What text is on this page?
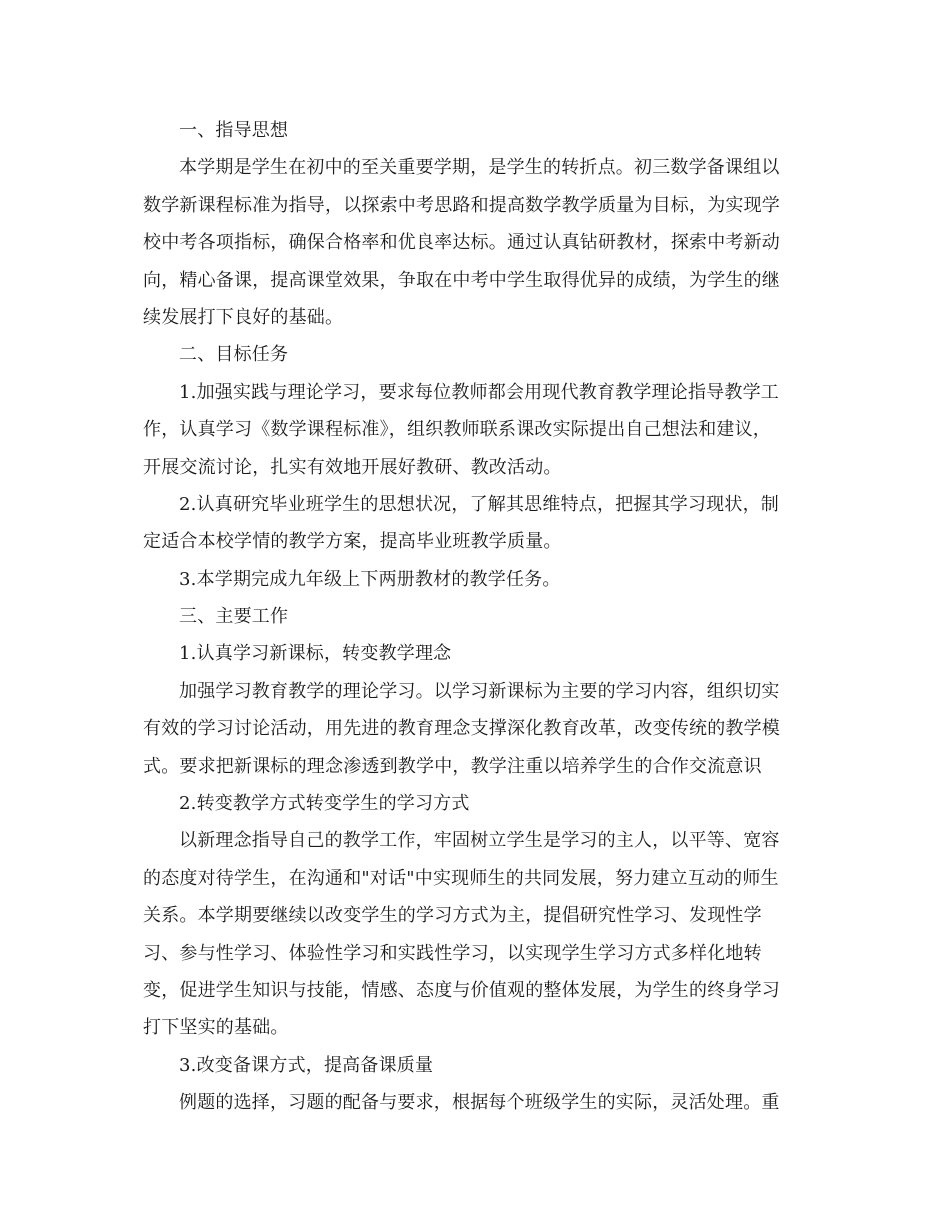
一、指导思想
本学期是学生在初中的至关重要学期，是学生的转折点。初三数学备课组以
数学新课程标准为指导，以探索中考思路和提高数学教学质量为目标，为实现学
校中考各项指标，确保合格率和优良率达标。通过认真钻研教材，探索中考新动
向，精心备课，提高课堂效果，争取在中考中学生取得优异的成绩，为学生的继
续发展打下良好的基础。
二、目标任务
1.加强实践与理论学习，要求每位教师都会用现代教育教学理论指导教学工
作，认真学习《数学课程标准》，组织教师联系课改实际提出自己想法和建议，
开展交流讨论，扎实有效地开展好教研、教改活动。
2.认真研究毕业班学生的思想状况，了解其思维特点，把握其学习现状，制
定适合本校学情的教学方案，提高毕业班教学质量。
3.本学期完成九年级上下两册教材的教学任务。
三、主要工作
1.认真学习新课标，转变教学理念
加强学习教育教学的理论学习。以学习新课标为主要的学习内容，组织切实
有效的学习讨论活动，用先进的教育理念支撑深化教育改革，改变传统的教学模
式。要求把新课标的理念渗透到教学中，教学注重以培养学生的合作交流意识
2.转变教学方式转变学生的学习方式
以新理念指导自己的教学工作，牢固树立学生是学习的主人，以平等、宽容
的态度对待学生，在沟通和"对话"中实现师生的共同发展，努力建立互动的师生
关系。本学期要继续以改变学生的学习方式为主，提倡研究性学习、发现性学
习、参与性学习、体验性学习和实践性学习，以实现学生学习方式多样化地转
变，促进学生知识与技能，情感、态度与价值观的整体发展，为学生的终身学习
打下坚实的基础。
3.改变备课方式，提高备课质量
例题的选择，习题的配备与要求，根据每个班级学生的实际，灵活处理。重
